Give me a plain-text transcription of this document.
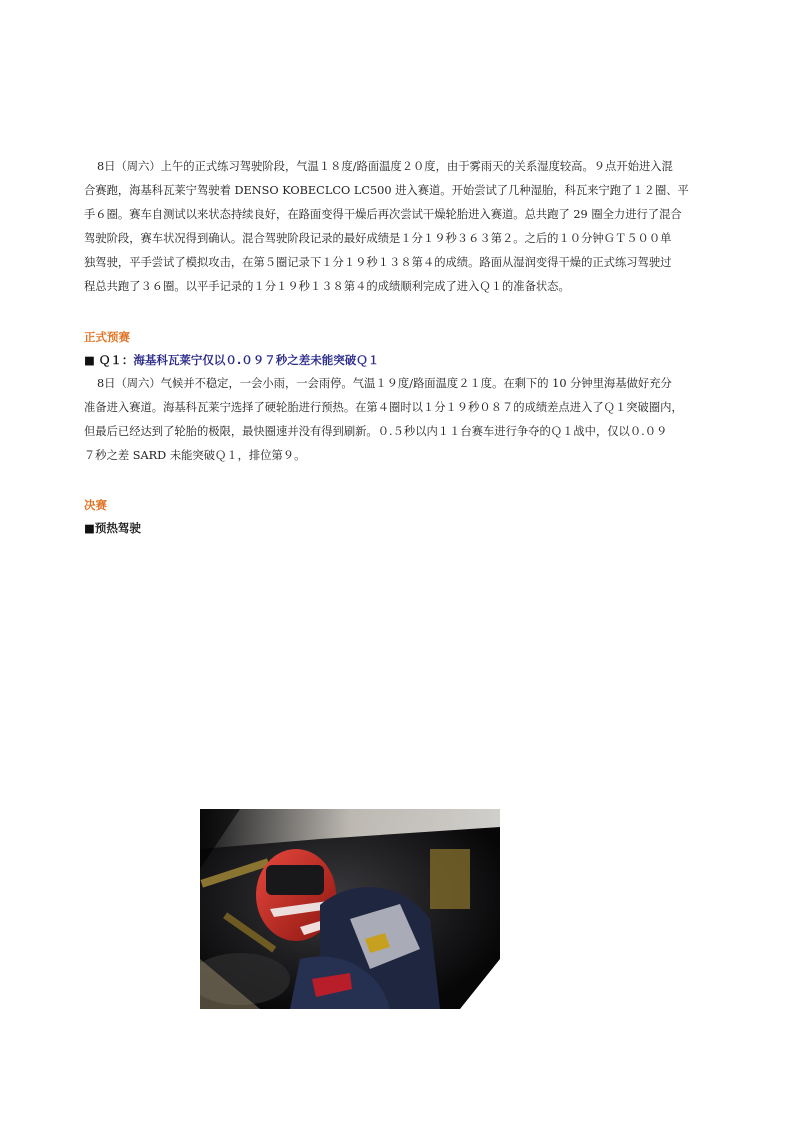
8日（周六）上午的正式练习驾驶阶段，气温１８度/路面温度２０度，由于雾雨天的关系湿度较高。９点开始进入混
合赛跑，海基科瓦莱宁驾驶着 DENSO KOBECLCO LC500 进入赛道。开始尝试了几种湿胎，科瓦来宁跑了１２圈、平
手６圈。赛车自测试以来状态持续良好，在路面变得干燥后再次尝试干燥轮胎进入赛道。总共跑了 29 圈全力进行了混合
驾驶阶段，赛车状况得到确认。混合驾驶阶段记录的最好成绩是１分１９秒３６３第２。之后的１０分钟ＧＴ５００单
独驾驶，平手尝试了模拟攻击，在第５圈记录下１分１９秒１３８第４的成绩。路面从湿润变得干燥的正式练习驾驶过
程总共跑了３６圈。以平手记录的１分１９秒１３８第４的成绩顺利完成了进入Ｑ１的准备状态。
正式预赛
■ Ｑ１：海基科瓦莱宁仅以０.０９７秒之差未能突破Ｑ１
8日（周六）气候并不稳定，一会小雨，一会雨停。气温１９度/路面温度２１度。在剩下的 10 分钟里海基做好充分
准备进入赛道。海基科瓦莱宁选择了硬轮胎进行预热。在第４圈时以１分１９秒０８７的成绩差点进入了Ｑ１突破圈内，
但最后已经达到了轮胎的极限，最快圈速并没有得到刷新。０.５秒以内１１台赛车进行争夺的Ｑ１战中，仅以０.０９
７秒之差 SARD 未能突破Ｑ１，排位第９。
决赛
■预热驾驶
